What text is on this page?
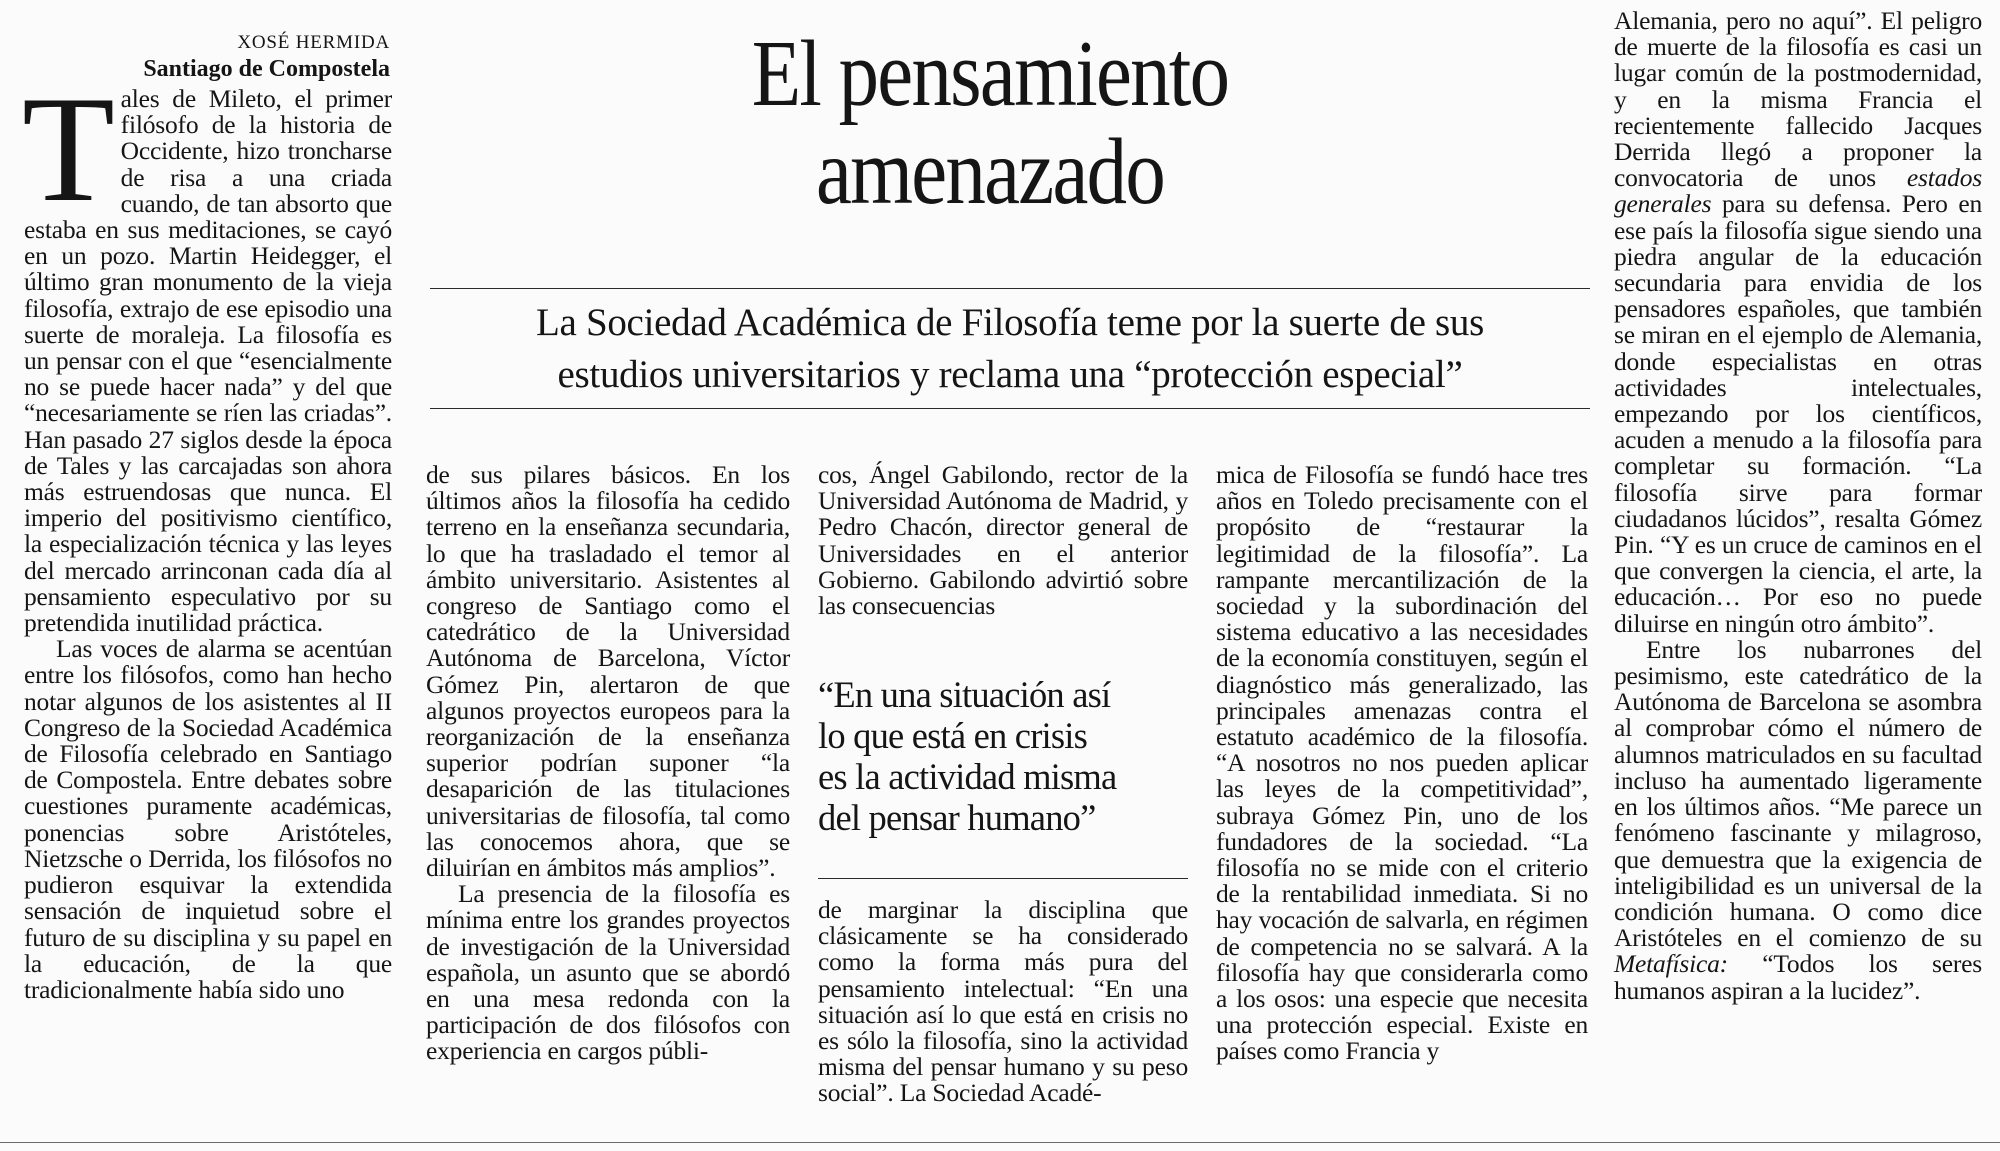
XOSÉ HERMIDA
Santiago de Compostela

Tales de Mileto, el primer filósofo de la historia de Occidente, hizo troncharse de risa a una criada cuando, de tan absorto que estaba en sus meditaciones, se cayó en un pozo. Martin Heidegger, el último gran monumento de la vieja filosofía, extrajo de ese episodio una suerte de moraleja. La filosofía es un pensar con el que “esencialmente no se puede hacer nada” y del que “necesariamente se ríen las criadas”. Han pasado 27 siglos desde la época de Tales y las carcajadas son ahora más estruendosas que nunca. El imperio del positivismo científico, la especialización técnica y las leyes del mercado arrinconan cada día al pensamiento especulativo por su pretendida inutilidad práctica.

Las voces de alarma se acentúan entre los filósofos, como han hecho notar algunos de los asistentes al II Congreso de la Sociedad Académica de Filosofía celebrado en Santiago de Compostela. Entre debates sobre cuestiones puramente académicas, ponencias sobre Aristóteles, Nietzsche o Derrida, los filósofos no pudieron esquivar la extendida sensación de inquietud sobre el futuro de su disciplina y su papel en la educación, de la que tradicionalmente había sido uno

El pensamiento
amenazado
La Sociedad Académica de Filosofía teme por la suerte de sus
estudios universitarios y reclama una “protección especial”

de sus pilares básicos. En los últimos años la filosofía ha cedido terreno en la enseñanza secundaria, lo que ha trasladado el temor al ámbito universitario. Asistentes al congreso de Santiago como el catedrático de la Universidad Autónoma de Barcelona, Víctor Gómez Pin, alertaron de que algunos proyectos europeos para la reorganización de la enseñanza superior podrían suponer “la desaparición de las titulaciones universitarias de filosofía, tal como las conocemos ahora, que se diluirían en ámbitos más amplios”.

La presencia de la filosofía es mínima entre los grandes proyectos de investigación de la Universidad española, un asunto que se abordó en una mesa redonda con la participación de dos filósofos con experiencia en cargos públi-

cos, Ángel Gabilondo, rector de la Universidad Autónoma de Madrid, y Pedro Chacón, director general de Universidades en el anterior Gobierno. Gabilondo advirtió sobre las consecuencias

“En una situación así
lo que está en crisis
es la actividad misma
del pensar humano”

de marginar la disciplina que clásicamente se ha considerado como la forma más pura del pensamiento intelectual: “En una situación así lo que está en crisis no es sólo la filosofía, sino la actividad misma del pensar humano y su peso social”. La Sociedad Acadé-

mica de Filosofía se fundó hace tres años en Toledo precisamente con el propósito de “restaurar la legitimidad de la filosofía”. La rampante mercantilización de la sociedad y la subordinación del sistema educativo a las necesidades de la economía constituyen, según el diagnóstico más generalizado, las principales amenazas contra el estatuto académico de la filosofía. “A nosotros no nos pueden aplicar las leyes de la competitividad”, subraya Gómez Pin, uno de los fundadores de la sociedad. “La filosofía no se mide con el criterio de la rentabilidad inmediata. Si no hay vocación de salvarla, en régimen de competencia no se salvará. A la filosofía hay que considerarla como a los osos: una especie que necesita una protección especial. Existe en países como Francia y

Alemania, pero no aquí”. El peligro de muerte de la filosofía es casi un lugar común de la postmodernidad, y en la misma Francia el recientemente fallecido Jacques Derrida llegó a proponer la convocatoria de unos estados generales para su defensa. Pero en ese país la filosofía sigue siendo una piedra angular de la educación secundaria para envidia de los pensadores españoles, que también se miran en el ejemplo de Alemania, donde especialistas en otras actividades intelectuales, empezando por los científicos, acuden a menudo a la filosofía para completar su formación. “La filosofía sirve para formar ciudadanos lúcidos”, resalta Gómez Pin. “Y es un cruce de caminos en el que convergen la ciencia, el arte, la educación… Por eso no puede diluirse en ningún otro ámbito”.

Entre los nubarrones del pesimismo, este catedrático de la Autónoma de Barcelona se asombra al comprobar cómo el número de alumnos matriculados en su facultad incluso ha aumentado ligeramente en los últimos años. “Me parece un fenómeno fascinante y milagroso, que demuestra que la exigencia de inteligibilidad es un universal de la condición humana. O como dice Aristóteles en el comienzo de su Metafísica: “Todos los seres humanos aspiran a la lucidez”.
